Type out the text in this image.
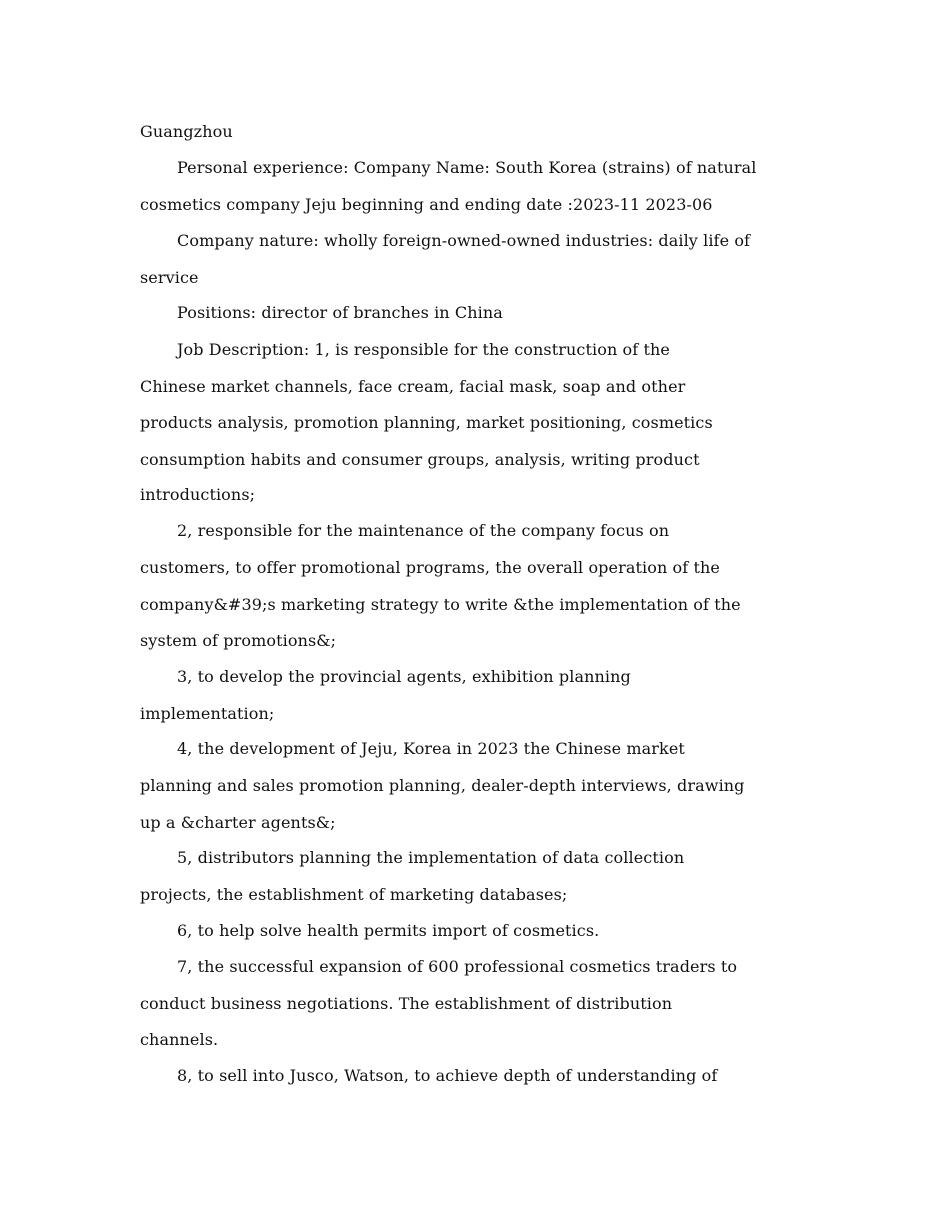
Guangzhou

Personal experience: Company Name: South Korea (strains) of natural

cosmetics company Jeju beginning and ending date :2023-11 2023-06

Company nature: wholly foreign-owned-owned industries: daily life of

service

Positions: director of branches in China

Job Description: 1, is responsible for the construction of the

Chinese market channels, face cream, facial mask, soap and other

products analysis, promotion planning, market positioning, cosmetics

consumption habits and consumer groups, analysis, writing product

introductions;

2, responsible for the maintenance of the company focus on

customers, to offer promotional programs, the overall operation of the

company&#39;s marketing strategy to write &the implementation of the

system of promotions&;

3, to develop the provincial agents, exhibition planning

implementation;

4, the development of Jeju, Korea in 2023 the Chinese market

planning and sales promotion planning, dealer-depth interviews, drawing

up a &charter agents&;

5, distributors planning the implementation of data collection

projects, the establishment of marketing databases;

6, to help solve health permits import of cosmetics.

7, the successful expansion of 600 professional cosmetics traders to

conduct business negotiations. The establishment of distribution

channels.

8, to sell into Jusco, Watson, to achieve depth of understanding of
